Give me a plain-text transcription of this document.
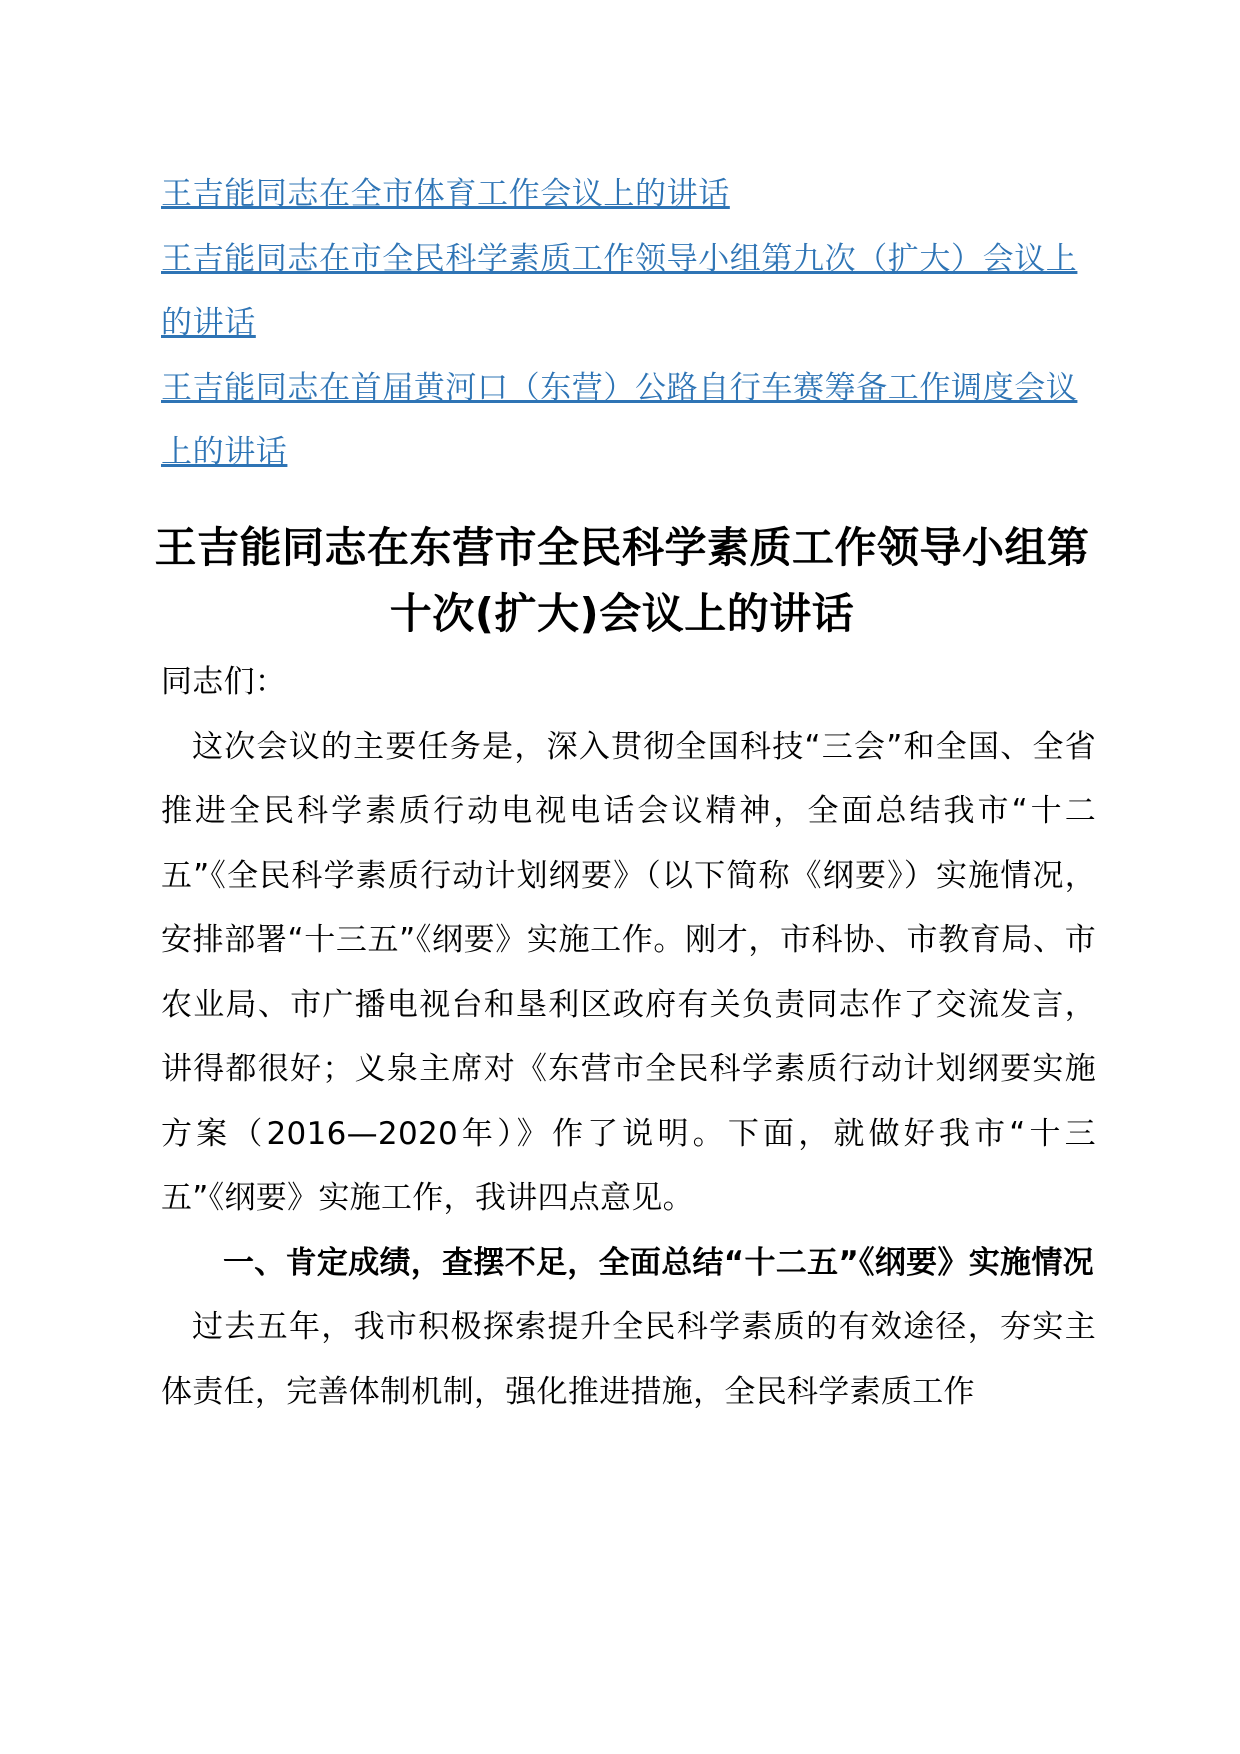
王吉能同志在全市体育工作会议上的讲话
王吉能同志在市全民科学素质工作领导小组第九次（扩大）会议上的讲话
王吉能同志在首届黄河口（东营）公路自行车赛筹备工作调度会议上的讲话
王吉能同志在东营市全民科学素质工作领导小组第十次(扩大)会议上的讲话

同志们：

这次会议的主要任务是，深入贯彻全国科技“三会”和全国、全省推进全民科学素质行动电视电话会议精神，全面总结我市“十二五”《全民科学素质行动计划纲要》（以下简称《纲要》）实施情况，安排部署“十三五”《纲要》实施工作。刚才，市科协、市教育局、市农业局、市广播电视台和垦利区政府有关负责同志作了交流发言，讲得都很好；义泉主席对《东营市全民科学素质行动计划纲要实施方案（2016—2020年）》作了说明。下面，就做好我市“十三五”《纲要》实施工作，我讲四点意见。

一、肯定成绩，查摆不足，全面总结“十二五”《纲要》实施情况

过去五年，我市积极探索提升全民科学素质的有效途径，夯实主体责任，完善体制机制，强化推进措施，全民科学素质工作
